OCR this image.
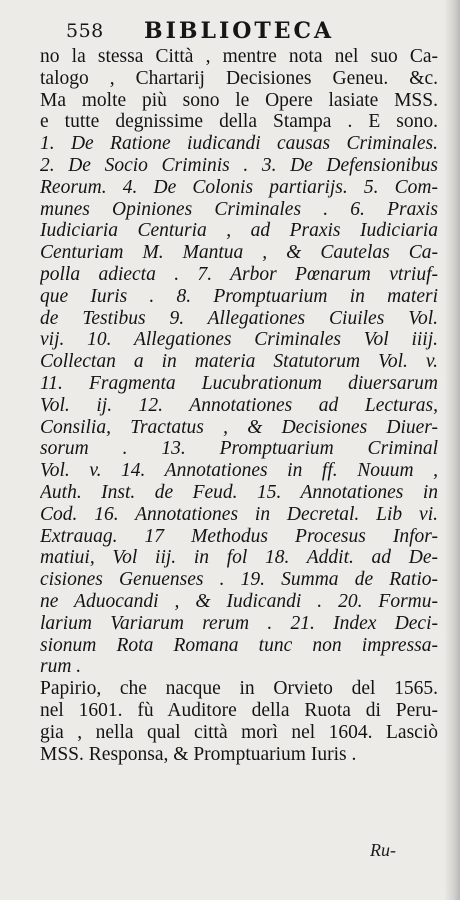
558 BIBLIOTECA
no la stessa Città , mentre nota nel suo Ca-
talogo , Chartarij Decisiones Geneu. &c.
Ma molte più sono le Opere lasiate MSS.
e tutte degnissime della Stampa . E sono.
1. De Ratione iudicandi causas Criminales.
2. De Socio Criminis . 3. De Defensionibus
Reorum. 4. De Colonis partiarijs. 5. Com-
munes Opiniones Criminales . 6. Praxis
Iudiciaria Centuria , ad Praxis Iudiciaria
Centuriam M. Mantua , & Cautelas Ca-
polla adiecta . 7. Arbor Pœnarum vtriuf-
que Iuris . 8. Promptuarium in materi
de Testibus 9. Allegationes Ciuiles Vol.
vij. 10. Allegationes Criminales Vol iiij.
Collectan a in materia Statutorum Vol. v.
11. Fragmenta Lucubrationum diuersarum
Vol. ij. 12. Annotationes ad Lecturas,
Consilia, Tractatus , & Decisiones Diuer-
sorum . 13. Promptuarium Criminal
Vol. v. 14. Annotationes in ff. Nouum ,
Auth. Inst. de Feud. 15. Annotationes in
Cod. 16. Annotationes in Decretal. Lib vi.
Extrauag. 17 Methodus Procesus Infor-
matiui, Vol iij. in fol 18. Addit. ad De-
cisiones Genuenses . 19. Summa de Ratio-
ne Aduocandi , & Iudicandi . 20. Formu-
larium Variarum rerum . 21. Index Deci-
sionum Rota Romana tunc non impressa-
rum .
Papirio, che nacque in Orvieto del 1565.
nel 1601. fù Auditore della Ruota di Peru-
gia , nella qual città morì nel 1604. Lasciò
MSS. Responsa, & Promptuarium Iuris .
Ru-
